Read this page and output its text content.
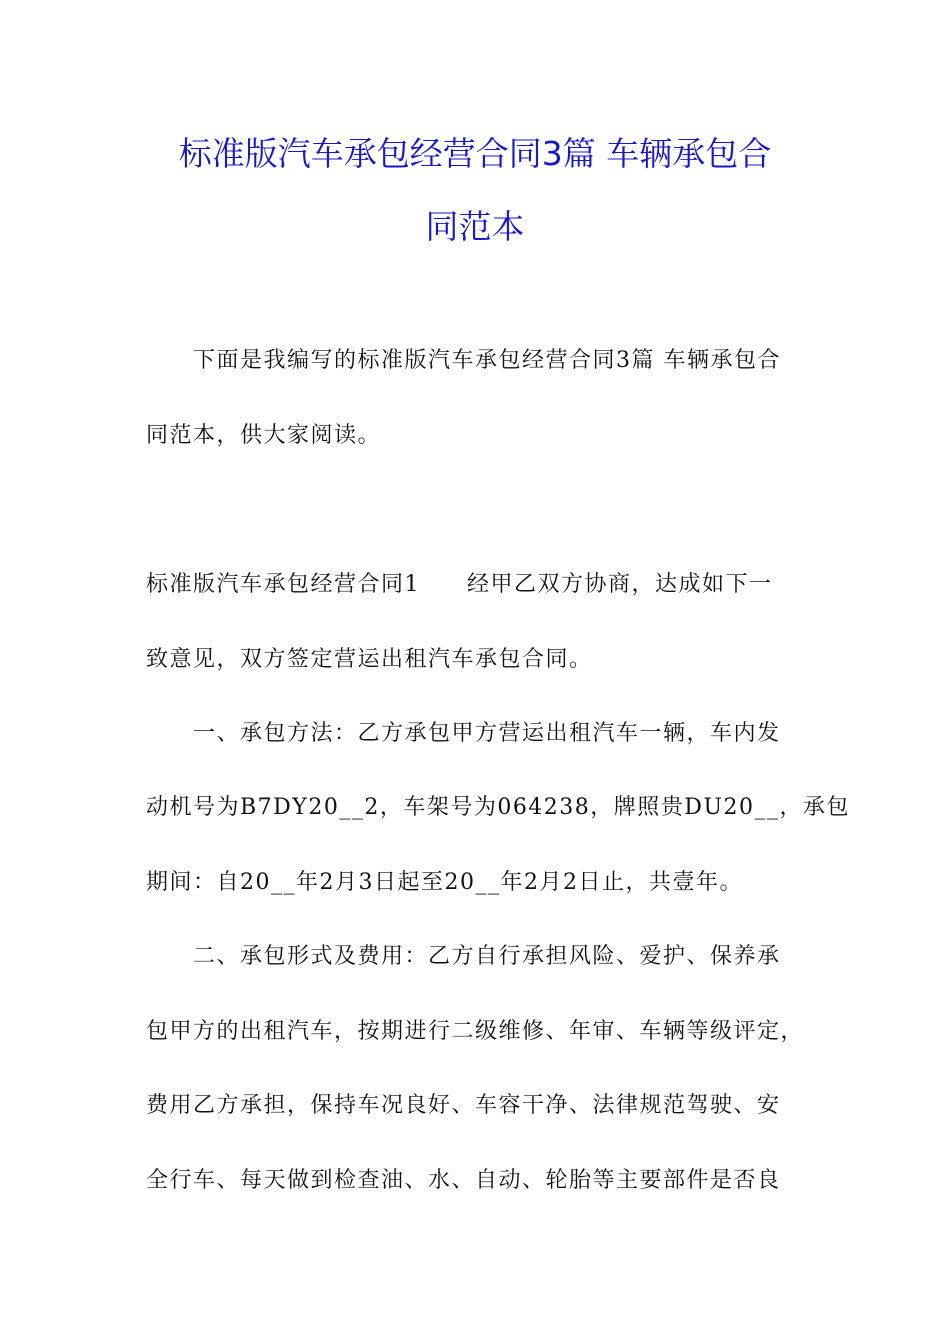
标准版汽车承包经营合同3篇 车辆承包合
同范本
　　下面是我编写的标准版汽车承包经营合同3篇 车辆承包合
同范本，供大家阅读。
标准版汽车承包经营合同1　　经甲乙双方协商，达成如下一
致意见，双方签定营运出租汽车承包合同。
　　一、承包方法：乙方承包甲方营运出租汽车一辆，车内发
动机号为B7DY20__2，车架号为064238，牌照贵DU20__，承包
期间：自20__年2月3日起至20__年2月2日止，共壹年。
　　二、承包形式及费用：乙方自行承担风险、爱护、保养承
包甲方的出租汽车，按期进行二级维修、年审、车辆等级评定，
费用乙方承担，保持车况良好、车容干净、法律规范驾驶、安
全行车、每天做到检查油、水、自动、轮胎等主要部件是否良
